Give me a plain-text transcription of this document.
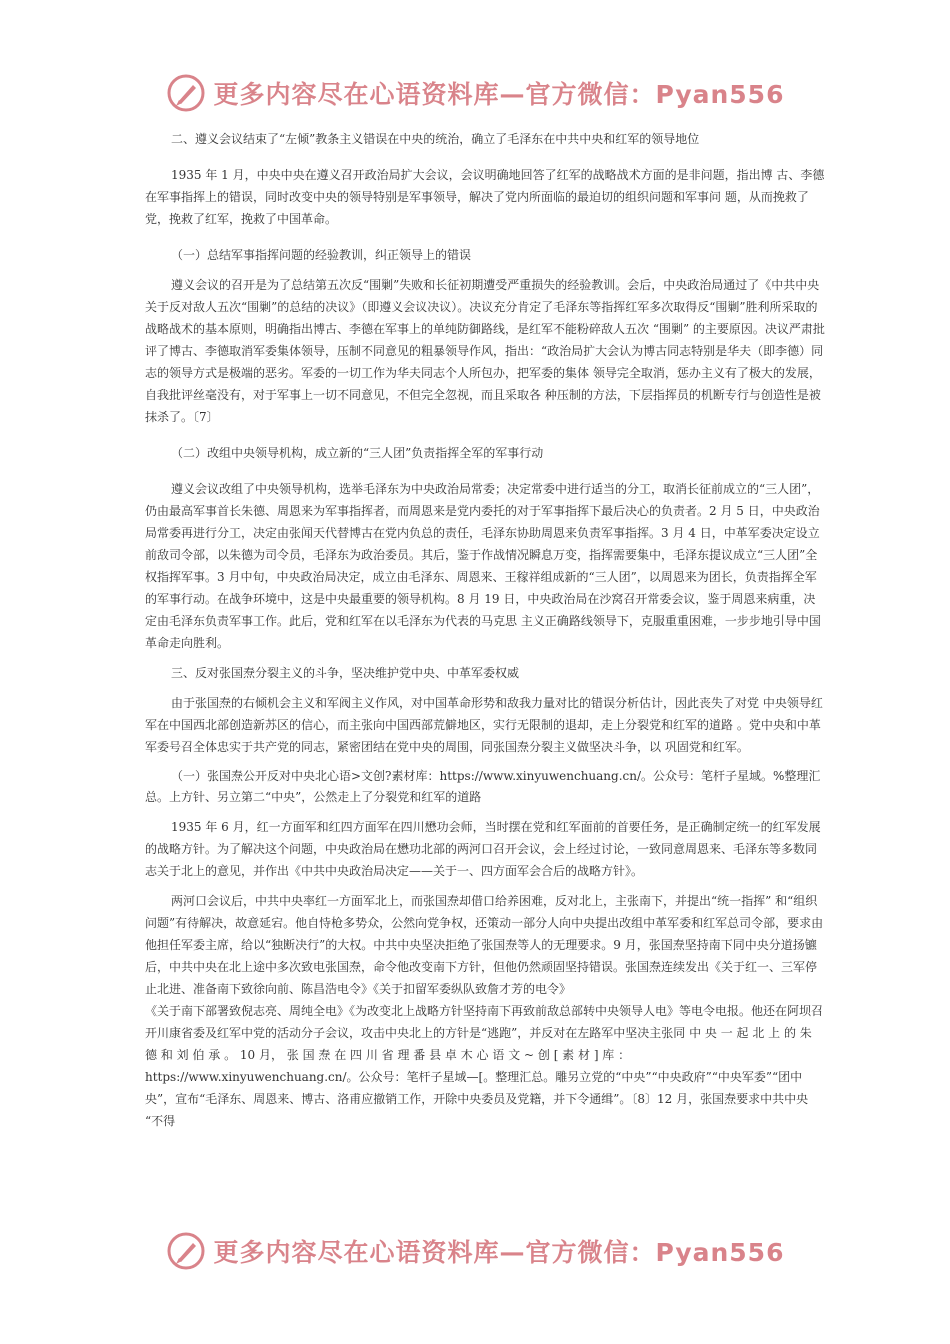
更多内容尽在心语资料库—官方微信：Pyan556

二、遵义会议结束了“左倾”教条主义错误在中央的统治，确立了毛泽东在中共中央和红军的领导地位

1935 年 1 月，中央中央在遵义召开政治局扩大会议，会议明确地回答了红军的战略战术方面的是非问题，指出博 古、李德在军事指挥上的错误，同时改变中央的领导特别是军事领导，解决了党内所面临的最迫切的组织问题和军事问 题，从而挽救了党，挽救了红军，挽救了中国革命。

（一）总结军事指挥问题的经验教训，纠正领导上的错误

遵义会议的召开是为了总结第五次反“围剿”失败和长征初期遭受严重损失的经验教训。会后，中央政治局通过了《中共中央关于反对敌人五次“围剿”的总结的决议》（即遵义会议决议）。决议充分肯定了毛泽东等指挥红军多次取得反“围剿”胜利所采取的战略战术的基本原则，明确指出博古、李德在军事上的单纯防御路线，是红军不能粉碎敌人五次 “围剿” 的主要原因。决议严肃批评了博古、李德取消军委集体领导，压制不同意见的粗暴领导作风，指出：“政治局扩大会认为博古同志特别是华夫（即李德）同志的领导方式是极端的恶劣。军委的一切工作为华夫同志个人所包办，把军委的集体 领导完全取消，惩办主义有了极大的发展，自我批评丝毫没有，对于军事上一切不同意见，不但完全忽视，而且采取各 种压制的方法，下层指挥员的机断专行与创造性是被抹杀了。〔7〕

（二）改组中央领导机构，成立新的“三人团”负责指挥全军的军事行动

遵义会议改组了中央领导机构，选举毛泽东为中央政治局常委；决定常委中进行适当的分工，取消长征前成立的“三人团”，仍由最高军事首长朱德、周恩来为军事指挥者，而周恩来是党内委托的对于军事指挥下最后决心的负责者。2 月 5 日，中央政治局常委再进行分工，决定由张闻天代替博古在党内负总的责任，毛泽东协助周恩来负责军事指挥。3 月 4 日，中革军委决定设立前敌司令部，以朱德为司令员，毛泽东为政治委员。其后，鉴于作战情况瞬息万变，指挥需要集中，毛泽东提议成立“三人团”全权指挥军事。3 月中旬，中央政治局决定，成立由毛泽东、周恩来、王稼祥组成新的“三人团”，以周恩来为团长，负责指挥全军的军事行动。在战争环境中，这是中央最重要的领导机构。8 月 19 日，中央政治局在沙窝召开常委会议，鉴于周恩来病重，决定由毛泽东负责军事工作。此后，党和红军在以毛泽东为代表的马克思 主义正确路线领导下，克服重重困难，一步步地引导中国革命走向胜利。

三、反对张国焘分裂主义的斗争，坚决维护党中央、中革军委权威

由于张国焘的右倾机会主义和军阀主义作风，对中国革命形势和敌我力量对比的错误分析估计，因此丧失了对党 中央领导红军在中国西北部创造新苏区的信心，而主张向中国西部荒僻地区，实行无限制的退却，走上分裂党和红军的道路 。党中央和中革军委号召全体忠实于共产党的同志，紧密团结在党中央的周围，同张国焘分裂主义做坚决斗争，以 巩固党和红军。

（一）张国焘公开反对中央北心语>文创?素材库：https://www.xinyuwenchuang.cn/。公众号：笔杆子星域。%整理汇总。上方针、另立第二“中央”，公然走上了分裂党和红军的道路

1935 年 6 月，红一方面军和红四方面军在四川懋功会师，当时摆在党和红军面前的首要任务，是正确制定统一的红军发展的战略方针。为了解决这个问题，中央政治局在懋功北部的两河口召开会议，会上经过讨论，一致同意周恩来、毛泽东等多数同志关于北上的意见，并作出《中共中央政治局决定——关于一、四方面军会合后的战略方针》。

两河口会议后，中共中央率红一方面军北上，而张国焘却借口给养困难，反对北上，主张南下，并提出“统一指挥” 和“组织问题”有待解决，故意延宕。他自恃枪多势众，公然向党争权，还策动一部分人向中央提出改组中革军委和红军总司令部，要求由他担任军委主席，给以“独断决行”的大权。中共中央坚决拒绝了张国焘等人的无理要求。9 月，张国焘坚持南下同中央分道扬镳后，中共中央在北上途中多次致电张国焘，命令他改变南下方针，但他仍然顽固坚持错误。张国焘连续发出《关于红一、三军停止北进、准备南下致徐向前、陈昌浩电令》《关于扣留军委纵队致詹才芳的电令》

《关于南下部署致倪志亮、周纯全电》《为改变北上战略方针坚持南下再致前敌总部转中央领导人电》等电令电报。他还在阿坝召开川康省委及红军中党的活动分子会议，攻击中央北上的方针是“逃跑”，并反对在左路军中坚决主张同 中 央 一 起 北 上 的 朱 德 和 刘 伯 承 。 10 月， 张 国 焘 在 四 川 省 理 番 县 卓 木 心 语 文 ~ 创 [ 素 材 ] 库 ：https://www.xinyuwenchuang.cn/。公众号：笔杆子星域—[。整理汇总。雕另立党的“中央”“中央政府”“中央军委”“团中央”，宣布“毛泽东、周恩来、博古、洛甫应撤销工作，开除中央委员及党籍，并下令通缉”。〔8〕12 月，张国焘要求中共中央 “不得

更多内容尽在心语资料库—官方微信：Pyan556
